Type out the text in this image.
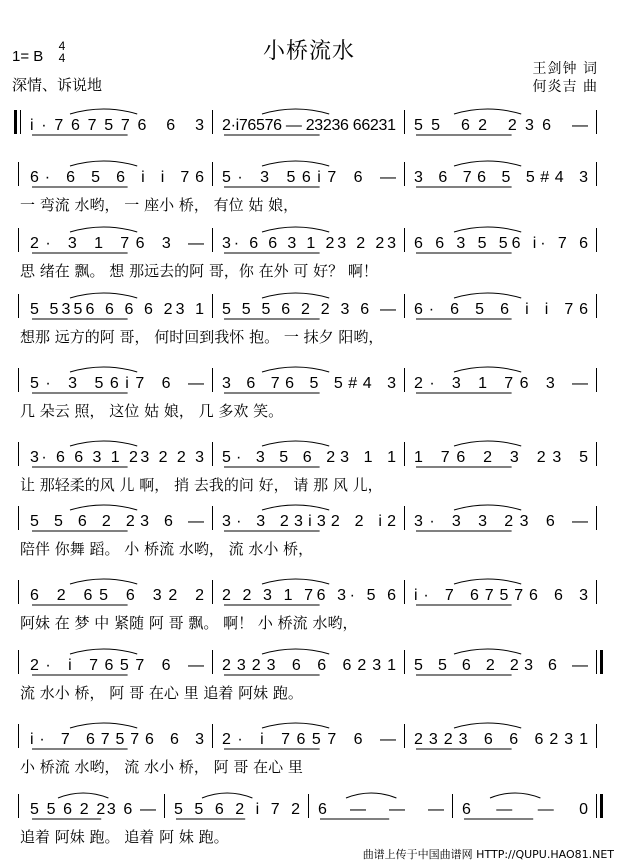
小桥流水
1= B
4
4
深情、诉说地
王剑钟 词
何炎吉 曲
i·767576 6 3 2·i76576 — 23236 66231 55 62 236 —
6· 6 5 6 i i 76 5· 3 56i7 6 — 3 6 76 5 5#4 3
一 弯流 水哟， 一 座小 桥， 有位 姑 娘，
2· 3 1 76 3 — 3· 6 6 3 1 23 2 23 6 6 3 5 56 i· 7 6
思 绪在 飘。 想 那远去的阿 哥，你 在外 可 好？ 啊！
5 5356 6 6 6 23 1 5 5 5 6 2 2 3 6 — 6· 6 5 6 i i 76
想那 远方的阿 哥， 何时回到我怀 抱。 一 抹夕 阳哟，
5· 3 56i7 6 — 3 6 76 5 5#4 3 2· 3 1 76 3 —
几 朵云 照， 这位 姑 娘， 几 多欢 笑。
3· 6 6 3 1 23 2 2 3 5· 3 5 6 23 1 1 1 76 2 3 23 5
让 那轻柔的风 儿 啊， 捎 去我的问 好， 请 那 风 儿，
5 5 6 2 23 6 — 3· 3 23i32 2 i2 3· 3 3 23 6 —
陪伴 你舞 蹈。 小 桥流 水哟， 流 水小 桥，
6 2 65 6 32 2 2 2 3 1 76 3· 5 6 i· 7 67576 6 3
阿妹 在 梦 中 紧随 阿 哥 飘。 啊！ 小 桥流 水哟，
2· i 7657 6 — 2323 6 6 6231 5 5 6 2 23 6 —
流 水小 桥， 阿 哥 在心 里 追着 阿妹 跑。
i· 7 67576 6 3 2· i 7657 6 — 2323 6 6 6231
小 桥流 水哟， 流 水小 桥， 阿 哥 在心 里
5 5 6 2 23 6 — 5 5 6 2 i 7 2 6 — — — 6 — — 0
追着 阿妹 跑。 追着 阿 妹 跑。
曲谱上传于中国曲谱网 HTTP://QUPU.HAO81.NET
